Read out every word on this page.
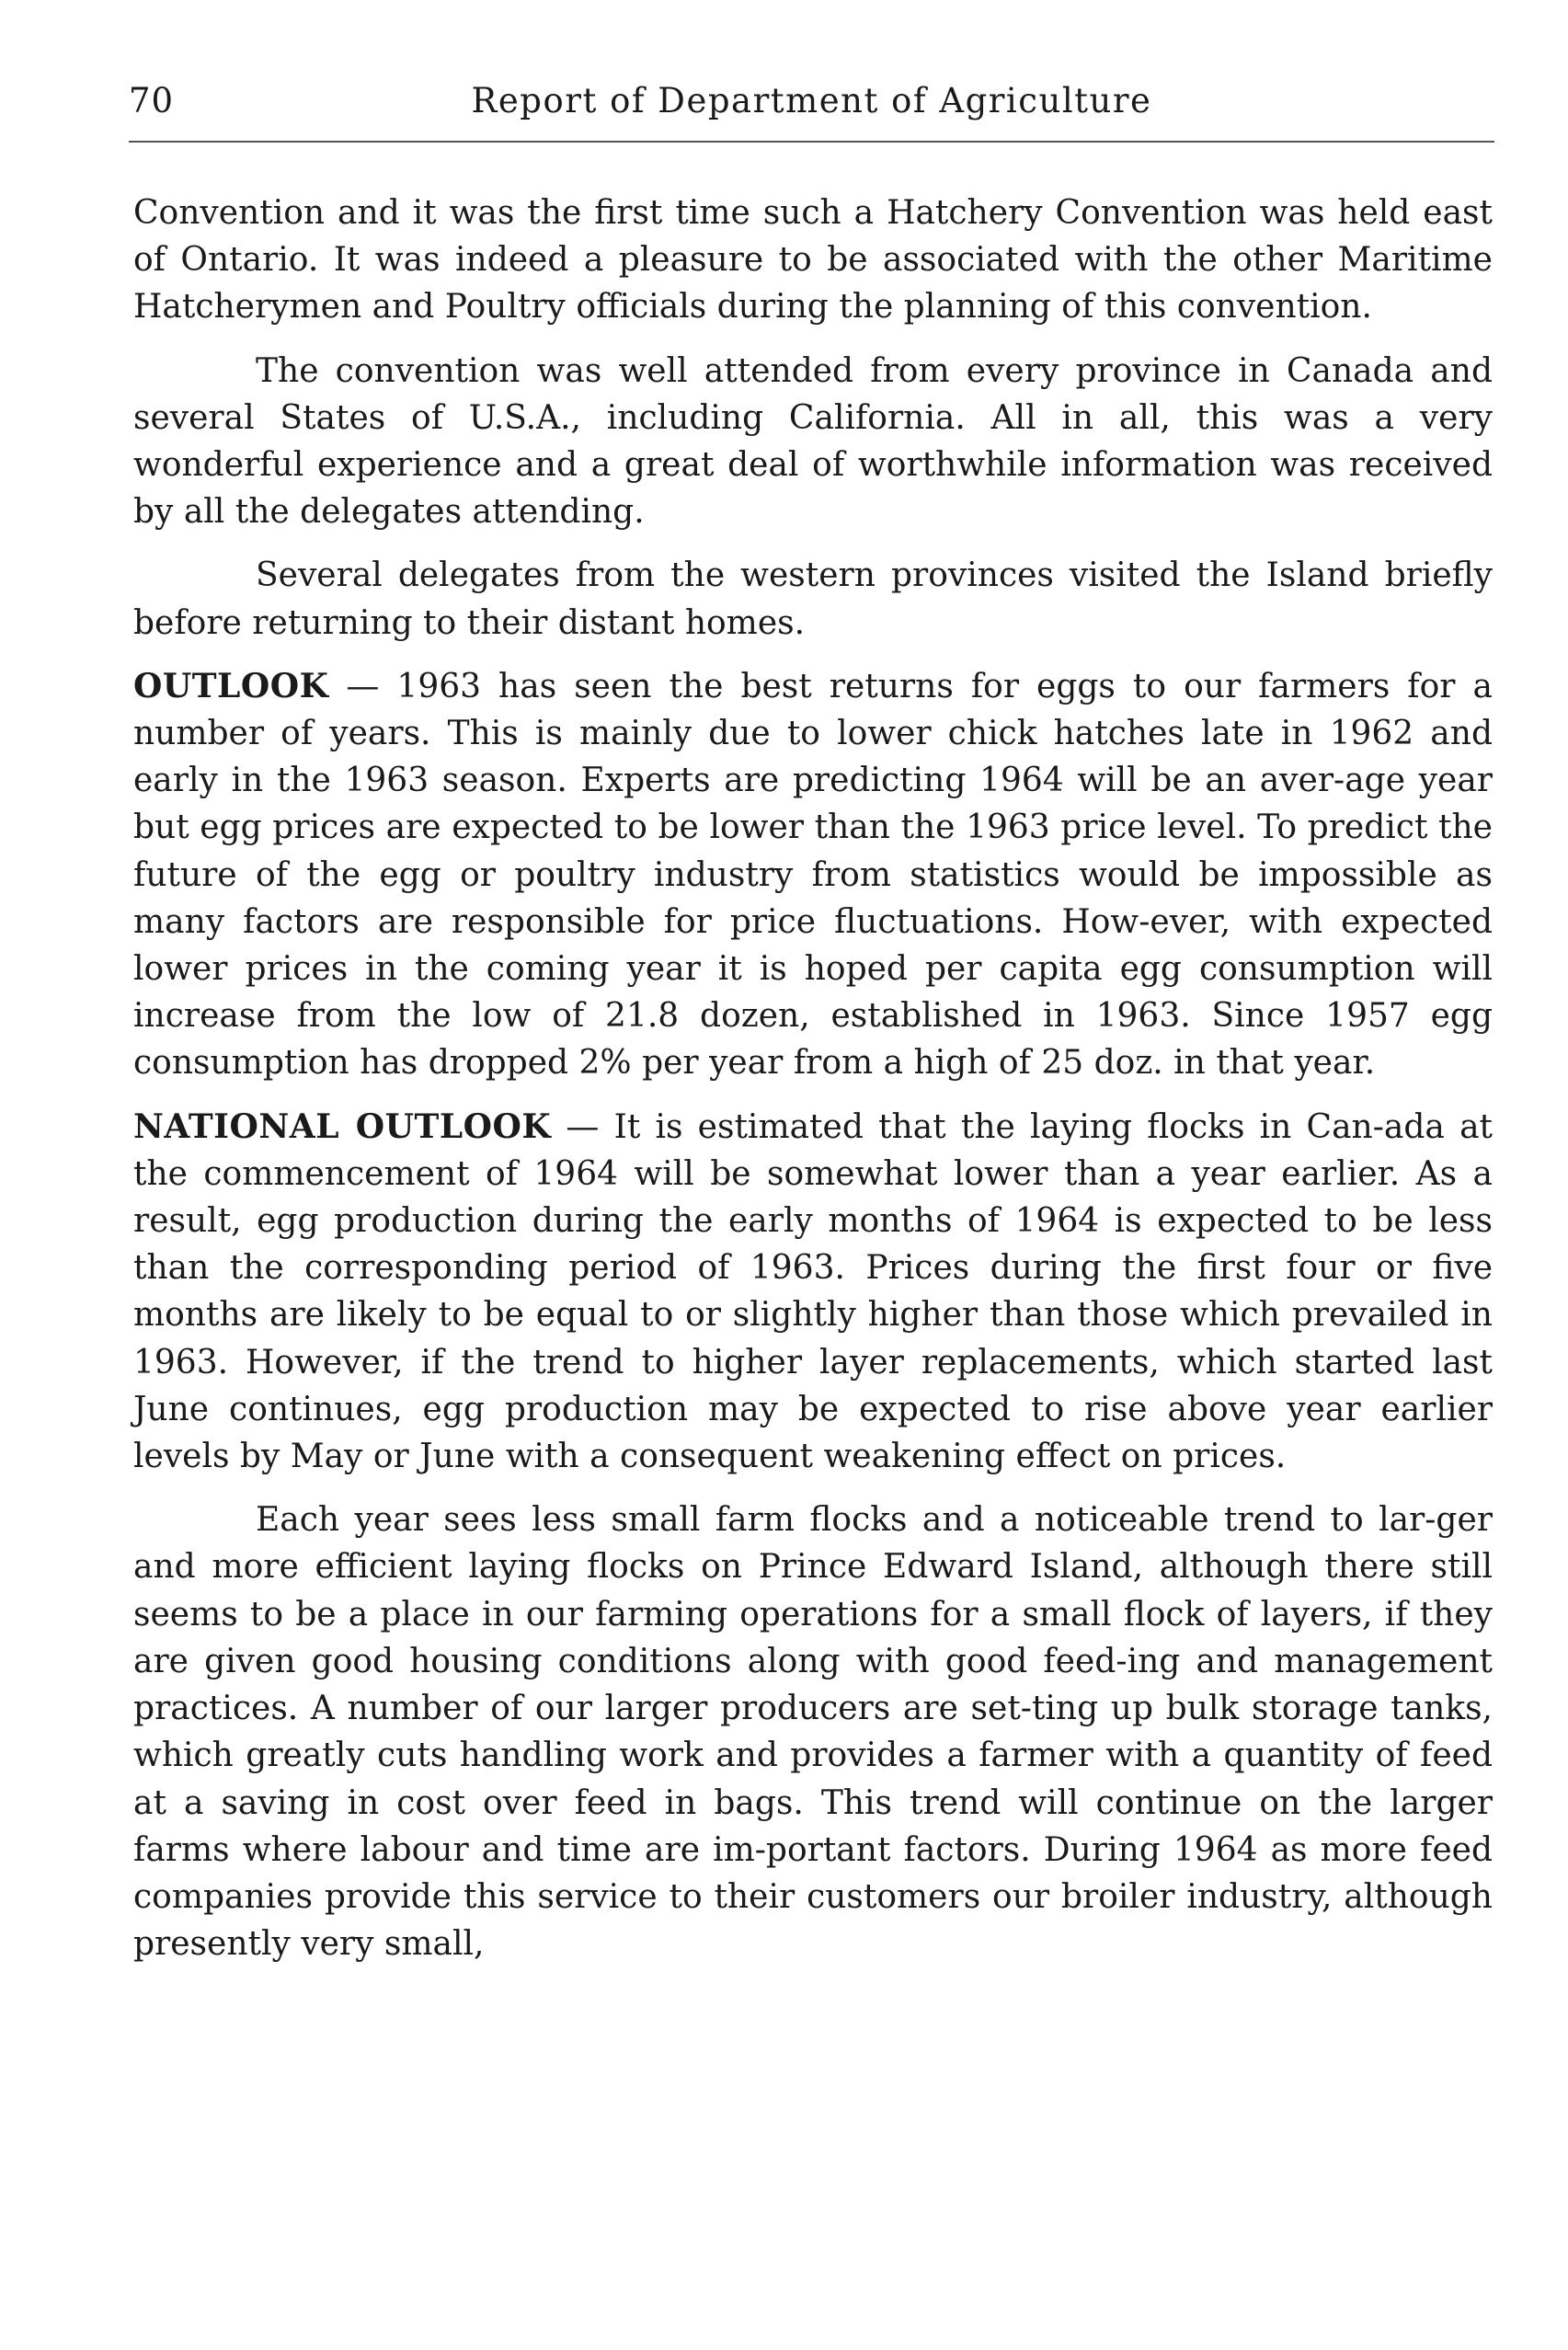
70	Report of Department of Agriculture

Convention and it was the first time such a Hatchery Convention was held east of Ontario. It was indeed a pleasure to be associated with the other Maritime Hatcherymen and Poultry officials during the planning of this convention.

The convention was well attended from every province in Canada and several States of U.S.A., including California. All in all, this was a very wonderful experience and a great deal of worthwhile information was received by all the delegates attending.

Several delegates from the western provinces visited the Island briefly before returning to their distant homes.

OUTLOOK — 1963 has seen the best returns for eggs to our farmers for a number of years. This is mainly due to lower chick hatches late in 1962 and early in the 1963 season. Experts are predicting 1964 will be an aver-age year but egg prices are expected to be lower than the 1963 price level. To predict the future of the egg or poultry industry from statistics would be impossible as many factors are responsible for price fluctuations. How-ever, with expected lower prices in the coming year it is hoped per capita egg consumption will increase from the low of 21.8 dozen, established in 1963. Since 1957 egg consumption has dropped 2% per year from a high of 25 doz. in that year.

NATIONAL OUTLOOK — It is estimated that the laying flocks in Can-ada at the commencement of 1964 will be somewhat lower than a year earlier. As a result, egg production during the early months of 1964 is expected to be less than the corresponding period of 1963. Prices during the first four or five months are likely to be equal to or slightly higher than those which prevailed in 1963. However, if the trend to higher layer replacements, which started last June continues, egg production may be expected to rise above year earlier levels by May or June with a consequent weakening effect on prices.

Each year sees less small farm flocks and a noticeable trend to lar-ger and more efficient laying flocks on Prince Edward Island, although there still seems to be a place in our farming operations for a small flock of layers, if they are given good housing conditions along with good feed-ing and management practices. A number of our larger producers are set-ting up bulk storage tanks, which greatly cuts handling work and provides a farmer with a quantity of feed at a saving in cost over feed in bags. This trend will continue on the larger farms where labour and time are im-portant factors. During 1964 as more feed companies provide this service to their customers our broiler industry, although presently very small,
